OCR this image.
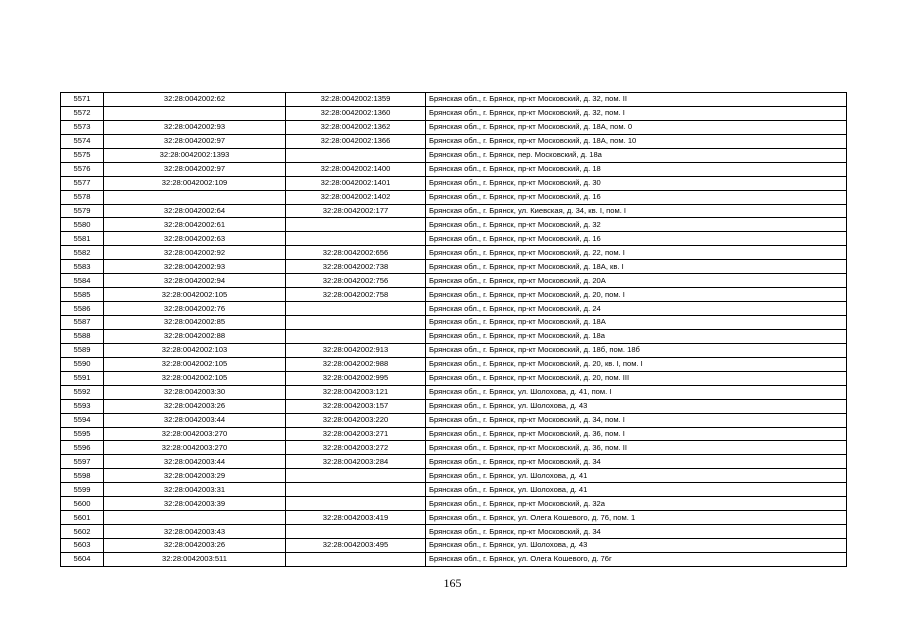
5571	32:28:0042002:62	32:28:0042002:1359	Брянская обл., г. Брянск, пр-кт Московский, д. 32, пом. II
5572		32:28:0042002:1360	Брянская обл., г. Брянск, пр-кт Московский, д. 32, пом. I
5573	32:28:0042002:93	32:28:0042002:1362	Брянская обл., г. Брянск, пр-кт Московский, д. 18А, пом. 0
5574	32:28:0042002:97	32:28:0042002:1366	Брянская обл., г. Брянск, пр-кт Московский, д. 18А, пом. 10
5575	32:28:0042002:1393		Брянская обл., г. Брянск, пер. Московский, д. 18а
5576	32:28:0042002:97	32:28:0042002:1400	Брянская обл., г. Брянск, пр-кт Московский, д. 18
5577	32:28:0042002:109	32:28:0042002:1401	Брянская обл., г. Брянск, пр-кт Московский, д. 30
5578		32:28:0042002:1402	Брянская обл., г. Брянск, пр-кт Московский, д. 16
5579	32:28:0042002:64	32:28:0042002:177	Брянская обл., г. Брянск, ул. Киевская, д. 34, кв. I, пом. I
5580	32:28:0042002:61		Брянская обл., г. Брянск, пр-кт Московский, д. 32
5581	32:28:0042002:63		Брянская обл., г. Брянск, пр-кт Московский, д. 16
5582	32:28:0042002:92	32:28:0042002:656	Брянская обл., г. Брянск, пр-кт Московский, д. 22, пом. I
5583	32:28:0042002:93	32:28:0042002:738	Брянская обл., г. Брянск, пр-кт Московский, д. 18А, кв. I
5584	32:28:0042002:94	32:28:0042002:756	Брянская обл., г. Брянск, пр-кт Московский, д. 20А
5585	32:28:0042002:105	32:28:0042002:758	Брянская обл., г. Брянск, пр-кт Московский, д. 20, пом. I
5586	32:28:0042002:76		Брянская обл., г. Брянск, пр-кт Московский, д. 24
5587	32:28:0042002:85		Брянская обл., г. Брянск, пр-кт Московский, д. 18А
5588	32:28:0042002:88		Брянская обл., г. Брянск, пр-кт Московский, д. 18а
5589	32:28:0042002:103	32:28:0042002:913	Брянская обл., г. Брянск, пр-кт Московский, д. 18б, пом. 18б
5590	32:28:0042002:105	32:28:0042002:988	Брянская обл., г. Брянск, пр-кт Московский, д. 20, кв. I, пом. I
5591	32:28:0042002:105	32:28:0042002:995	Брянская обл., г. Брянск, пр-кт Московский, д. 20, пом. III
5592	32:28:0042003:30	32:28:0042003:121	Брянская обл., г. Брянск, ул. Шолохова, д. 41, пом. I
5593	32:28:0042003:26	32:28:0042003:157	Брянская обл., г. Брянск, ул. Шолохова, д. 43
5594	32:28:0042003:44	32:28:0042003:220	Брянская обл., г. Брянск, пр-кт Московский, д. 34, пом. I
5595	32:28:0042003:270	32:28:0042003:271	Брянская обл., г. Брянск, пр-кт Московский, д. 36, пом. I
5596	32:28:0042003:270	32:28:0042003:272	Брянская обл., г. Брянск, пр-кт Московский, д. 36, пом. II
5597	32:28:0042003:44	32:28:0042003:284	Брянская обл., г. Брянск, пр-кт Московский, д. 34
5598	32:28:0042003:29		Брянская обл., г. Брянск, ул. Шолохова, д. 41
5599	32:28:0042003:31		Брянская обл., г. Брянск, ул. Шолохова, д. 41
5600	32:28:0042003:39		Брянская обл., г. Брянск, пр-кт Московский, д. 32а
5601		32:28:0042003:419	Брянская обл., г. Брянск, ул. Олега Кошевого, д. 76, пом. 1
5602	32:28:0042003:43		Брянская обл., г. Брянск, пр-кт Московский, д. 34
5603	32:28:0042003:26	32:28:0042003:495	Брянская обл., г. Брянск, ул. Шолохова, д. 43
5604	32:28:0042003:511		Брянская обл., г. Брянск, ул. Олега Кошевого, д. 76г
165
